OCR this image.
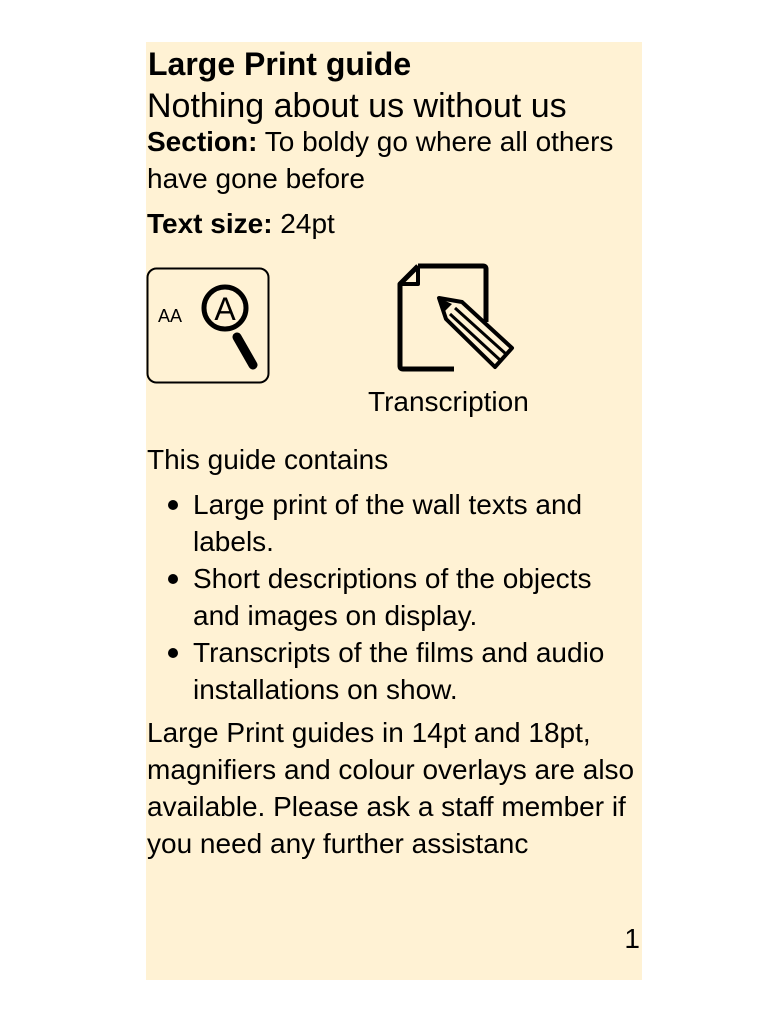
Large Print guide
Nothing about us without us
Section: To boldy go where all others have gone before
Text size: 24pt
AA A
Transcription
This guide contains
Large print of the wall texts and labels.
Short descriptions of the objects and images on display.
Transcripts of the films and audio installations on show.
Large Print guides in 14pt and 18pt, magnifiers and colour overlays are also available. Please ask a staff member if you need any further assistanc
1
